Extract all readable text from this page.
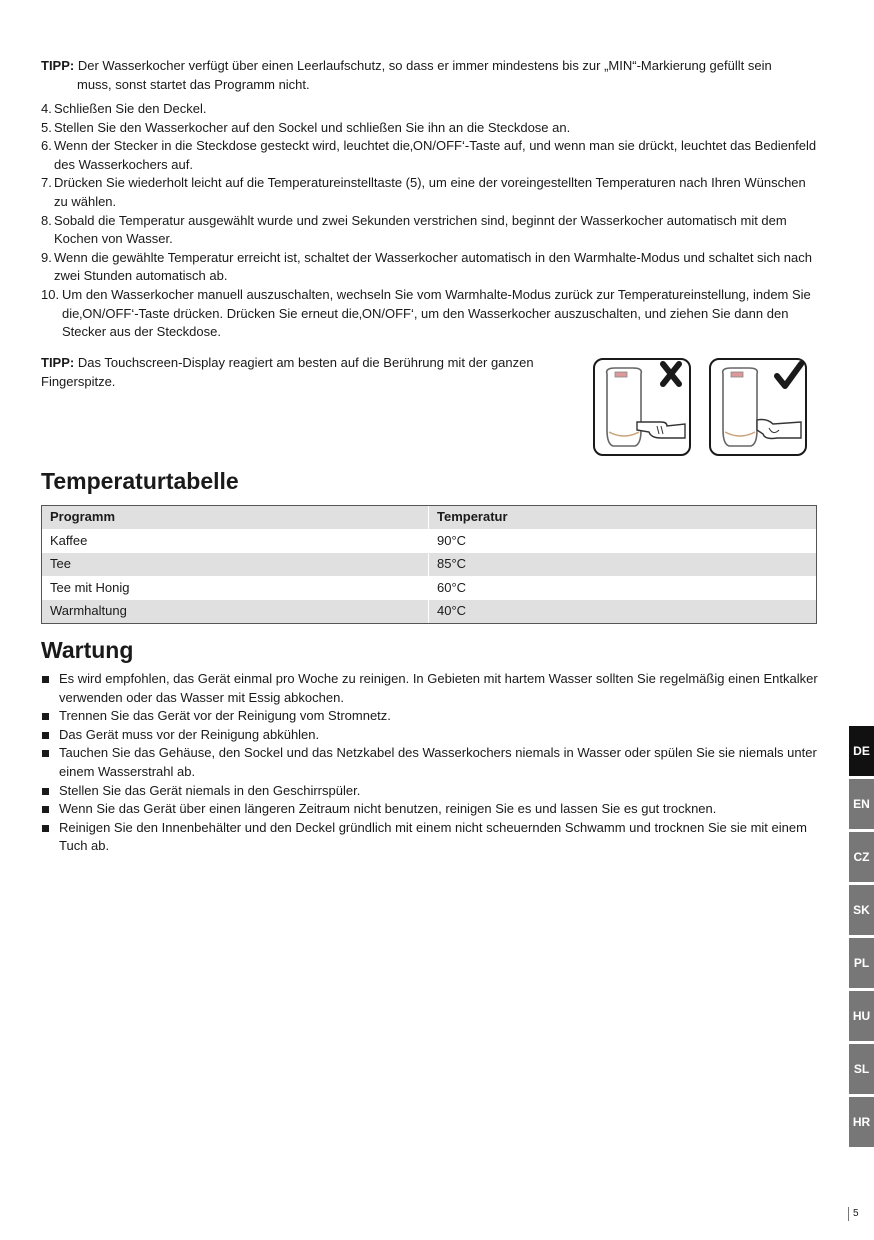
TIPP: Der Wasserkocher verfügt über einen Leerlaufschutz, so dass er immer mindestens bis zur „MIN“-Markierung gefüllt sein
muss, sonst startet das Programm nicht.
4. Schließen Sie den Deckel.
5. Stellen Sie den Wasserkocher auf den Sockel und schließen Sie ihn an die Steckdose an.
6. Wenn der Stecker in die Steckdose gesteckt wird, leuchtet die‚ON/OFF‘-Taste auf, und wenn man sie drückt, leuchtet das Bedienfeld des Wasserkochers auf.
7. Drücken Sie wiederholt leicht auf die Temperatureinstelltaste (5), um eine der voreingestellten Temperaturen nach Ihren Wünschen zu wählen.
8. Sobald die Temperatur ausgewählt wurde und zwei Sekunden verstrichen sind, beginnt der Wasserkocher automatisch mit dem Kochen von Wasser.
9. Wenn die gewählte Temperatur erreicht ist, schaltet der Wasserkocher automatisch in den Warmhalte-Modus und schaltet sich nach zwei Stunden automatisch ab.
10. Um den Wasserkocher manuell auszuschalten, wechseln Sie vom Warmhalte-Modus zurück zur Temperatureinstellung, indem Sie die‚ON/OFF‘-Taste drücken. Drücken Sie erneut die‚ON/OFF‘, um den Wasserkocher auszuschalten, und ziehen Sie dann den Stecker aus der Steckdose.
TIPP: Das Touchscreen-Display reagiert am besten auf die Berührung mit der ganzen Fingerspitze.
Temperaturtabelle
Programm	Temperatur
Kaffee	90°C
Tee	85°C
Tee mit Honig	60°C
Warmhaltung	40°C
Wartung
Es wird empfohlen, das Gerät einmal pro Woche zu reinigen. In Gebieten mit hartem Wasser sollten Sie regelmäßig einen Entkalker verwenden oder das Wasser mit Essig abkochen.
Trennen Sie das Gerät vor der Reinigung vom Stromnetz.
Das Gerät muss vor der Reinigung abkühlen.
Tauchen Sie das Gehäuse, den Sockel und das Netzkabel des Wasserkochers niemals in Wasser oder spülen Sie sie niemals unter einem Wasserstrahl ab.
Stellen Sie das Gerät niemals in den Geschirrspüler.
Wenn Sie das Gerät über einen längeren Zeitraum nicht benutzen, reinigen Sie es und lassen Sie es gut trocknen.
Reinigen Sie den Innenbehälter und den Deckel gründlich mit einem nicht scheuernden Schwamm und trocknen Sie sie mit einem Tuch ab.
DE
EN
CZ
SK
PL
HU
SL
HR
5
